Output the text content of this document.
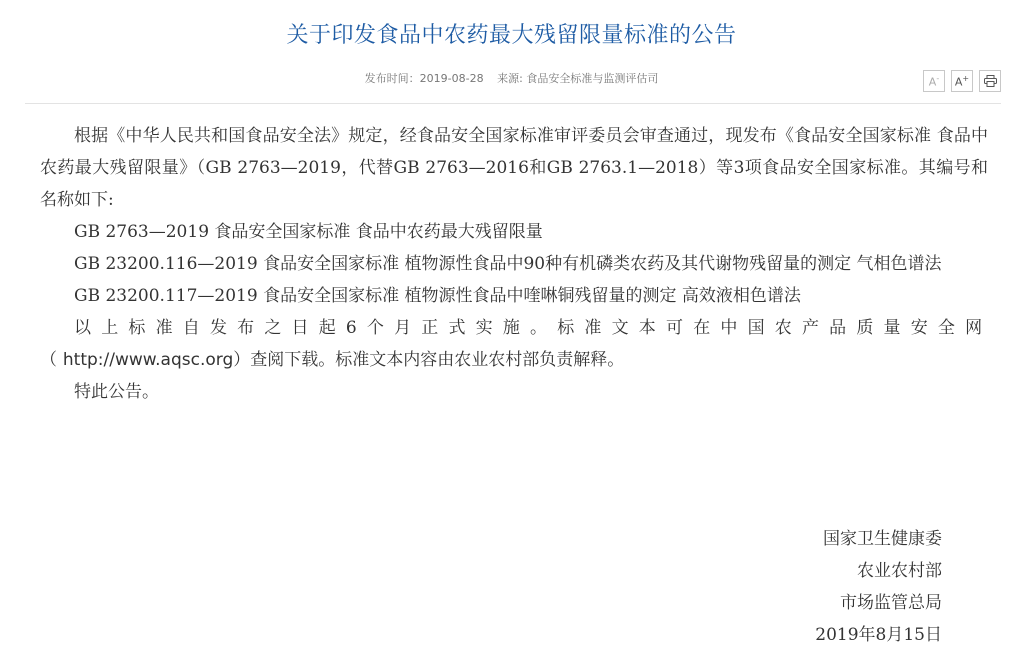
关于印发食品中农药最大残留限量标准的公告
发布时间：2019-08-28 来源: 食品安全标准与监测评估司	A- A+

根据《中华人民共和国食品安全法》规定，经食品安全国家标准审评委员会审查通过，现发布《食品安全国家标准 食品中农药最大残留限量》（GB 2763—2019，代替GB 2763—2016和GB 2763.1—2018）等3项食品安全国家标准。其编号和名称如下:

GB 2763—2019 食品安全国家标准 食品中农药最大残留限量

GB 23200.116—2019 食品安全国家标准 植物源性食品中90种有机磷类农药及其代谢物残留量的测定 气相色谱法

GB 23200.117—2019 食品安全国家标准 植物源性食品中喹啉铜残留量的测定 高效液相色谱法

以上标准自发布之日起6个月正式实施。标准文本可在中国农产品质量安全网（http://www.aqsc.org）查阅下载。标准文本内容由农业农村部负责解释。

特此公告。

国家卫生健康委
农业农村部
市场监管总局
2019年8月15日
